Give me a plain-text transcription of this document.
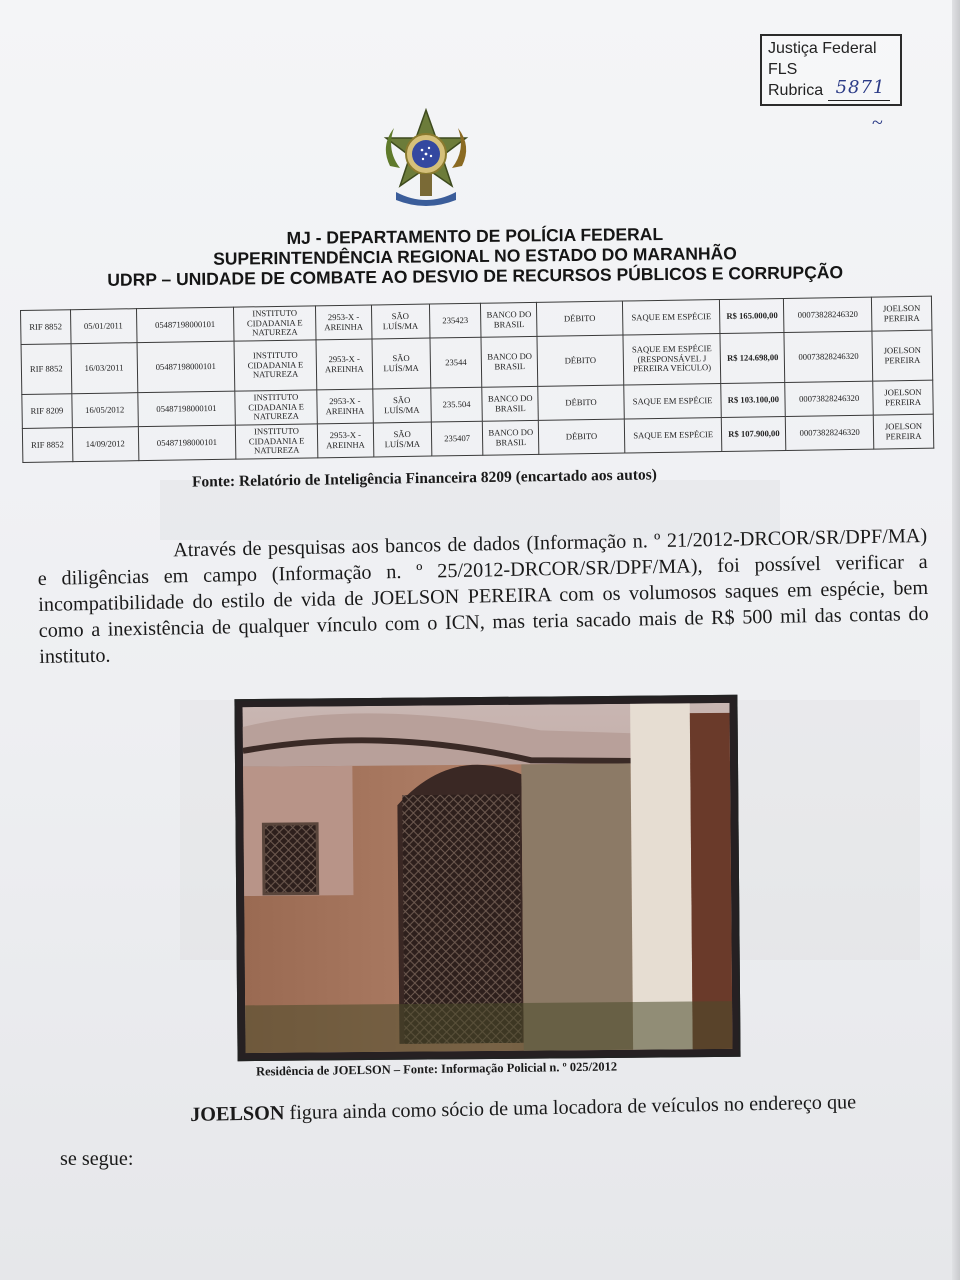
Justiça Federal
FLS
Rubrica 5871
~
MJ - DEPARTAMENTO DE POLÍCIA FEDERAL
SUPERINTENDÊNCIA REGIONAL NO ESTADO DO MARANHÃO
UDRP – UNIDADE DE COMBATE AO DESVIO DE RECURSOS PÚBLICOS E CORRUPÇÃO
RIF 8852	05/01/2011	05487198000101	INSTITUTO CIDADANIA E NATUREZA	2953-X - AREINHA	SÃO LUÍS/MA	235423	BANCO DO BRASIL	DÉBITO	SAQUE EM ESPÉCIE	R$ 165.000,00	00073828246320	JOELSON PEREIRA
RIF 8852	16/03/2011	05487198000101	INSTITUTO CIDADANIA E NATUREZA	2953-X - AREINHA	SÃO LUÍS/MA	23544	BANCO DO BRASIL	DÉBITO	SAQUE EM ESPÉCIE (RESPONSÁVEL J PEREIRA VEÍCULO)	R$ 124.698,00	00073828246320	JOELSON PEREIRA
RIF 8209	16/05/2012	05487198000101	INSTITUTO CIDADANIA E NATUREZA	2953-X - AREINHA	SÃO LUÍS/MA	235.504	BANCO DO BRASIL	DÉBITO	SAQUE EM ESPÉCIE	R$ 103.100,00	00073828246320	JOELSON PEREIRA
RIF 8852	14/09/2012	05487198000101	INSTITUTO CIDADANIA E NATUREZA	2953-X - AREINHA	SÃO LUÍS/MA	235407	BANCO DO BRASIL	DÉBITO	SAQUE EM ESPÉCIE	R$ 107.900,00	00073828246320	JOELSON PEREIRA
Fonte: Relatório de Inteligência Financeira 8209 (encartado aos autos)

Através de pesquisas aos bancos de dados (Informação n. º 21/2012-DRCOR/SR/DPF/MA) e diligências em campo (Informação n. º 25/2012-DRCOR/SR/DPF/MA), foi possível verificar a incompatibilidade do estilo de vida de JOELSON PEREIRA com os volumosos saques em espécie, bem como a inexistência de qualquer vínculo com o ICN, mas teria sacado mais de R$ 500 mil das contas do instituto.

Residência de JOELSON – Fonte: Informação Policial n. º 025/2012
JOELSON figura ainda como sócio de uma locadora de veículos no endereço que
se segue:
